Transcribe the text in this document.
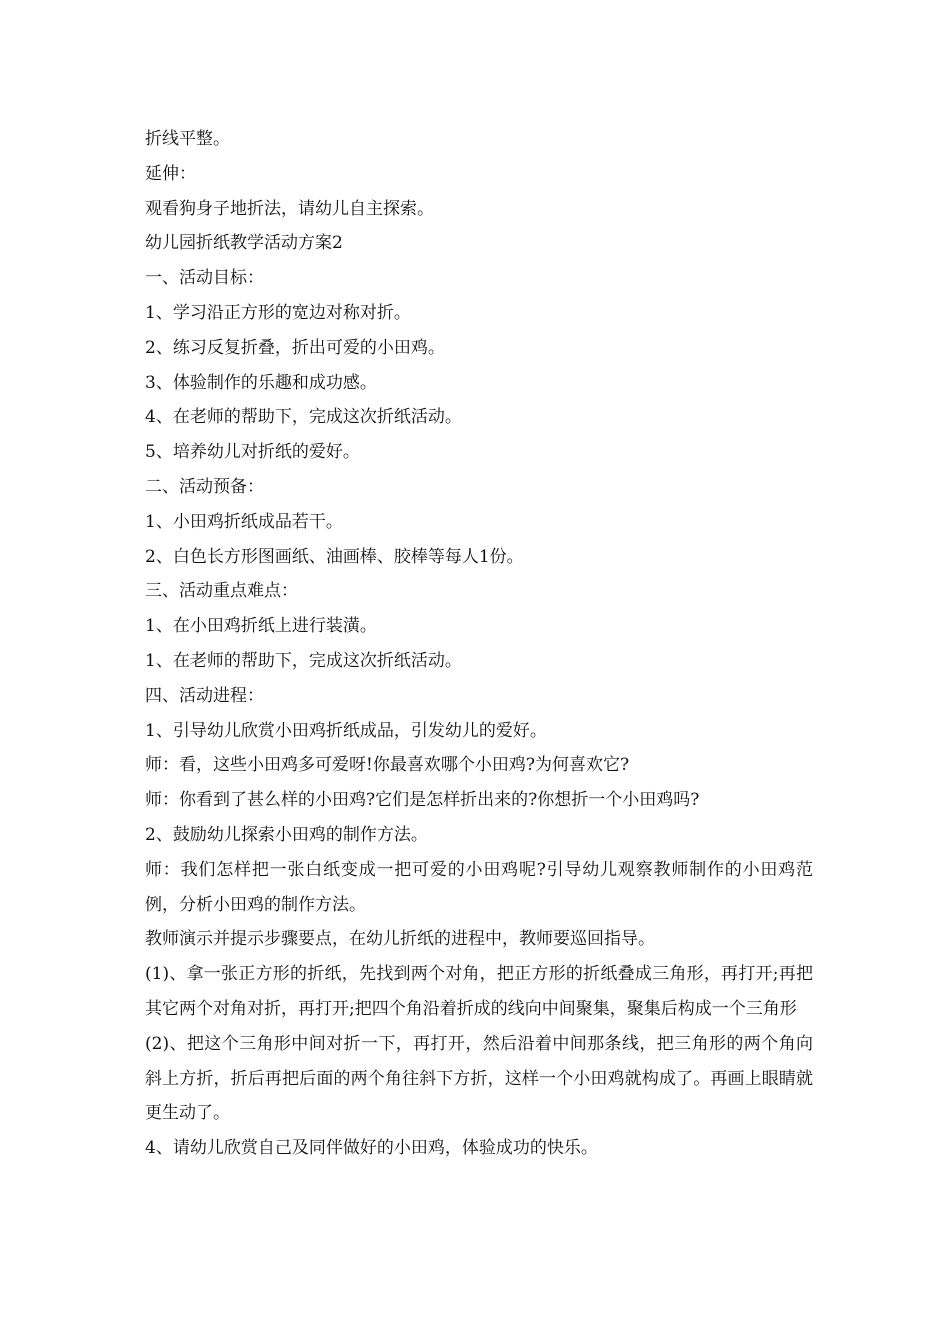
折线平整。
延伸：
观看狗身子地折法，请幼儿自主探索。
幼儿园折纸教学活动方案2
一、活动目标：
1、学习沿正方形的宽边对称对折。
2、练习反复折叠，折出可爱的小田鸡。
3、体验制作的乐趣和成功感。
4、在老师的帮助下，完成这次折纸活动。
5、培养幼儿对折纸的爱好。
二、活动预备：
1、小田鸡折纸成品若干。
2、白色长方形图画纸、油画棒、胶棒等每人1份。
三、活动重点难点：
1、在小田鸡折纸上进行装潢。
1、在老师的帮助下，完成这次折纸活动。
四、活动进程：
1、引导幼儿欣赏小田鸡折纸成品，引发幼儿的爱好。
师：看，这些小田鸡多可爱呀!你最喜欢哪个小田鸡?为何喜欢它?
师：你看到了甚么样的小田鸡?它们是怎样折出来的?你想折一个小田鸡吗?
2、鼓励幼儿探索小田鸡的制作方法。
师：我们怎样把一张白纸变成一把可爱的小田鸡呢?引导幼儿观察教师制作的小田鸡范例，分析小田鸡的制作方法。
教师演示并提示步骤要点，在幼儿折纸的进程中，教师要巡回指导。
(1)、拿一张正方形的折纸，先找到两个对角，把正方形的折纸叠成三角形，再打开;再把其它两个对角对折，再打开;把四个角沿着折成的线向中间聚集，聚集后构成一个三角形
(2)、把这个三角形中间对折一下，再打开，然后沿着中间那条线，把三角形的两个角向斜上方折，折后再把后面的两个角往斜下方折，这样一个小田鸡就构成了。再画上眼睛就更生动了。
4、请幼儿欣赏自己及同伴做好的小田鸡，体验成功的快乐。
